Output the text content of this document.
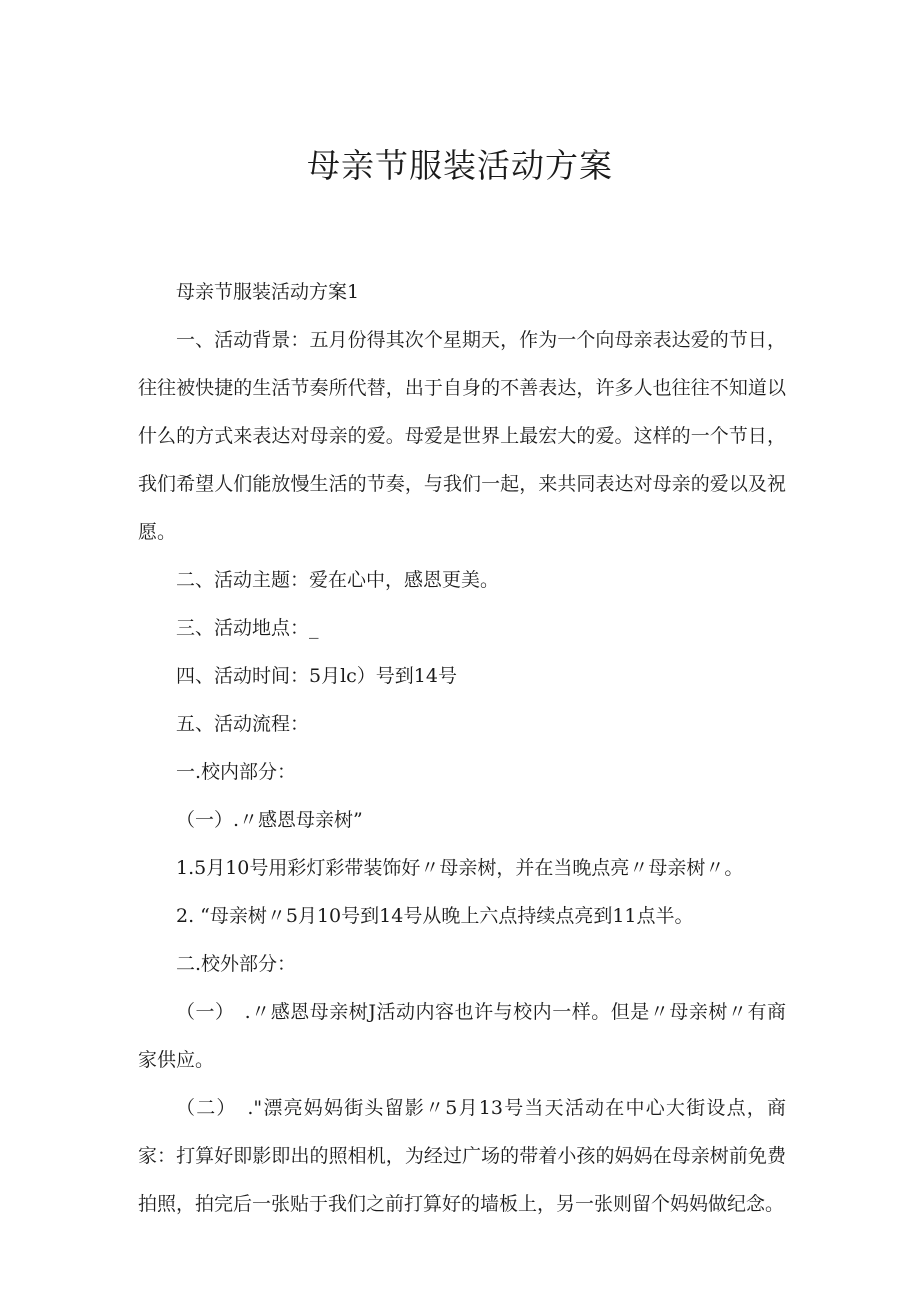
母亲节服装活动方案

母亲节服装活动方案1

一、活动背景：五月份得其次个星期天，作为一个向母亲表达爱的节日，往往被快捷的生活节奏所代替，出于自身的不善表达，许多人也往往不知道以什么的方式来表达对母亲的爱。母爱是世界上最宏大的爱。这样的一个节日，我们希望人们能放慢生活的节奏，与我们一起，来共同表达对母亲的爱以及祝愿。

二、活动主题：爱在心中，感恩更美。

三、活动地点：_

四、活动时间：5月lc）号到14号

五、活动流程：

一.校内部分：

（一）.〃感恩母亲树”

1.5月10号用彩灯彩带装饰好〃母亲树，并在当晚点亮〃母亲树〃。

2. “母亲树〃5月10号到14号从晚上六点持续点亮到11点半。

二.校外部分：

（一）　.〃感恩母亲树J活动内容也许与校内一样。但是〃母亲树〃有商家供应。

（二）　."漂亮妈妈街头留影〃5月13号当天活动在中心大街设点，商家：打算好即影即出的照相机，为经过广场的带着小孩的妈妈在母亲树前免费拍照，拍完后一张贴于我们之前打算好的墙板上，另一张则留个妈妈做纪念。
